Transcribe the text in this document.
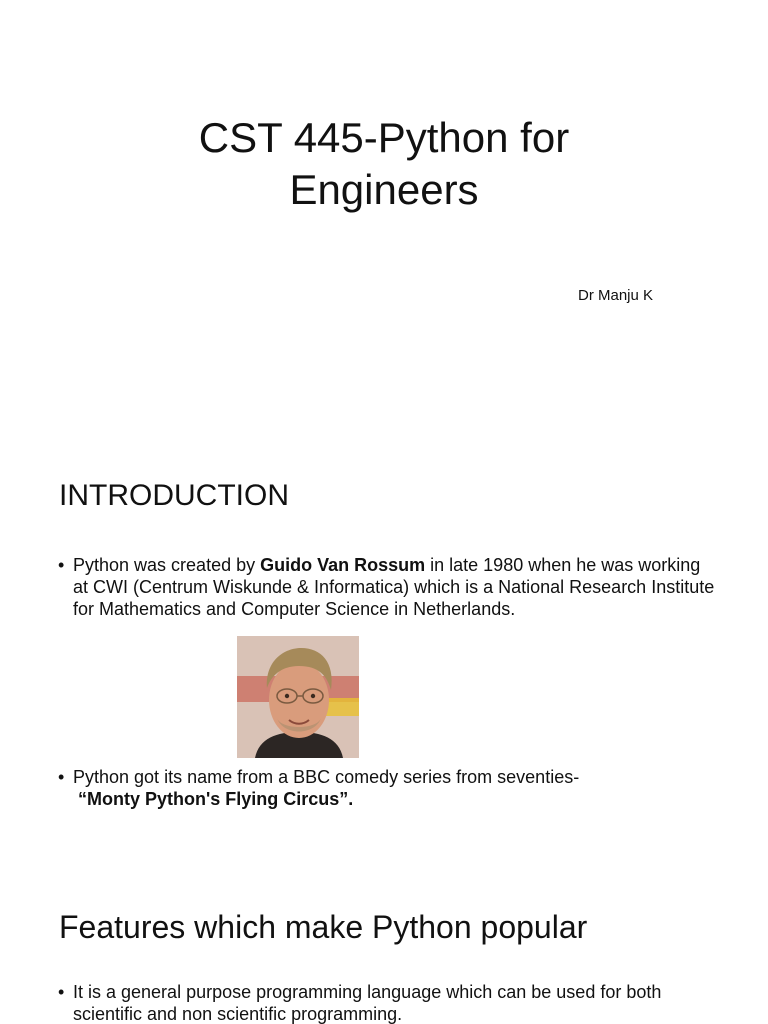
CST 445-Python for
Engineers
Dr Manju K
INTRODUCTION
• Python was created by Guido Van Rossum in late 1980 when he was working at CWI (Centrum Wiskunde & Informatica) which is a National Research Institute for Mathematics and Computer Science in Netherlands.
• Python got its name from a BBC comedy series from seventies-
“Monty Python's Flying Circus”.
Features which make Python popular
• It is a general purpose programming language which can be used for both scientific and non scientific programming.
